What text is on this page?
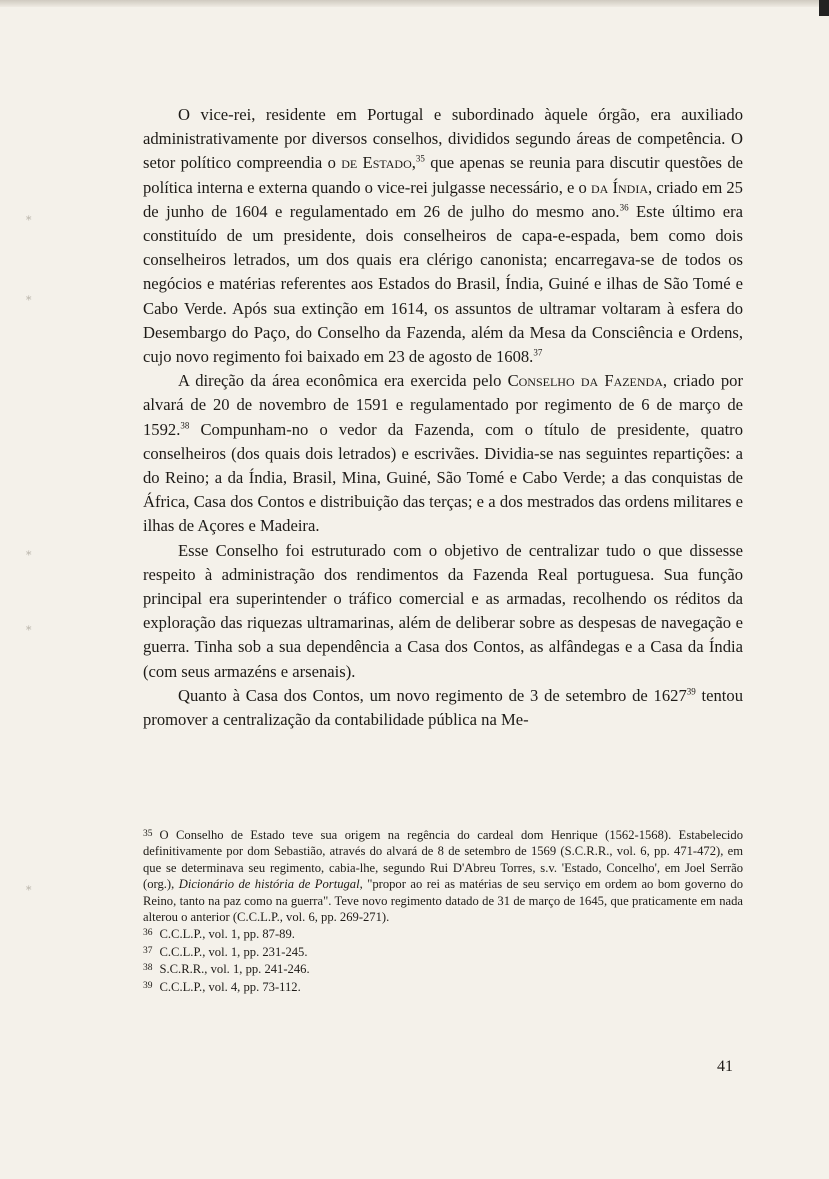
⁎
⁎
⁎
⁎
⁎

O vice-rei, residente em Portugal e subordinado àquele órgão, era auxiliado administrativamente por diversos conselhos, divididos segundo áreas de competência. O setor político compreendia o de Estado,$^{35}$ que apenas se reunia para discutir questões de política interna e externa quando o vice-rei julgasse necessário, e o da Índia, criado em 25 de junho de 1604 e regulamentado em 26 de julho do mesmo ano.$^{36}$ Este último era constituído de um presidente, dois conselheiros de capa-e-espada, bem como dois conselheiros letrados, um dos quais era clérigo canonista; encarregava-se de todos os negócios e matérias referentes aos Estados do Brasil, Índia, Guiné e ilhas de São Tomé e Cabo Verde. Após sua extinção em 1614, os assuntos de ultramar voltaram à esfera do Desembargo do Paço, do Conselho da Fazenda, além da Mesa da Consciência e Ordens, cujo novo regimento foi baixado em 23 de agosto de 1608.37

A direção da área econômica era exercida pelo Conselho da Fazenda, criado por alvará de 20 de novembro de 1591 e regulamentado por regimento de 6 de março de 1592.38 Compunham-no o vedor da Fazenda, com o título de presidente, quatro conselheiros (dos quais dois letrados) e escrivães. Dividia-se nas seguintes repartições: a do Reino; a da Índia, Brasil, Mina, Guiné, São Tomé e Cabo Verde; a das conquistas de África, Casa dos Contos e distribuição das terças; e a dos mestrados das ordens militares e ilhas de Açores e Madeira.

Esse Conselho foi estruturado com o objetivo de centralizar tudo o que dissesse respeito à administração dos rendimentos da Fazenda Real portuguesa. Sua função principal era superintender o tráfico comercial e as armadas, recolhendo os réditos da exploração das riquezas ultramarinas, além de deliberar sobre as despesas de navegação e guerra. Tinha sob a sua dependência a Casa dos Contos, as alfândegas e a Casa da Índia (com seus armazéns e arsenais).

Quanto à Casa dos Contos, um novo regimento de 3 de setembro de 1627$^{39}$ tentou promover a centralização da contabilidade pública na Me-

$^{35}$ O Conselho de Estado teve sua origem na regência do cardeal dom Henrique (1562-1568). Estabelecido definitivamente por dom Sebastião, através do alvará de 8 de setembro de 1569 (S.C.R.R., vol. 6, pp. 471-472), em que se determinava seu regimento, cabia-lhe, segundo Rui D'Abreu Torres, s.v. 'Estado, Concelho', em Joel Serrão (org.), Dicionário de história de Portugal, "propor ao rei as matérias de seu serviço em ordem ao bom governo do Reino, tanto na paz como na guerra". Teve novo regimento datado de 31 de março de 1645, que praticamente em nada alterou o anterior (C.C.L.P., vol. 6, pp. 269-271).

$^{36}$ C.C.L.P., vol. 1, pp. 87-89.

$^{37}$ C.C.L.P., vol. 1, pp. 231-245.

$^{38}$ S.C.R.R., vol. 1, pp. 241-246.

$^{39}$ C.C.L.P., vol. 4, pp. 73-112.

41
